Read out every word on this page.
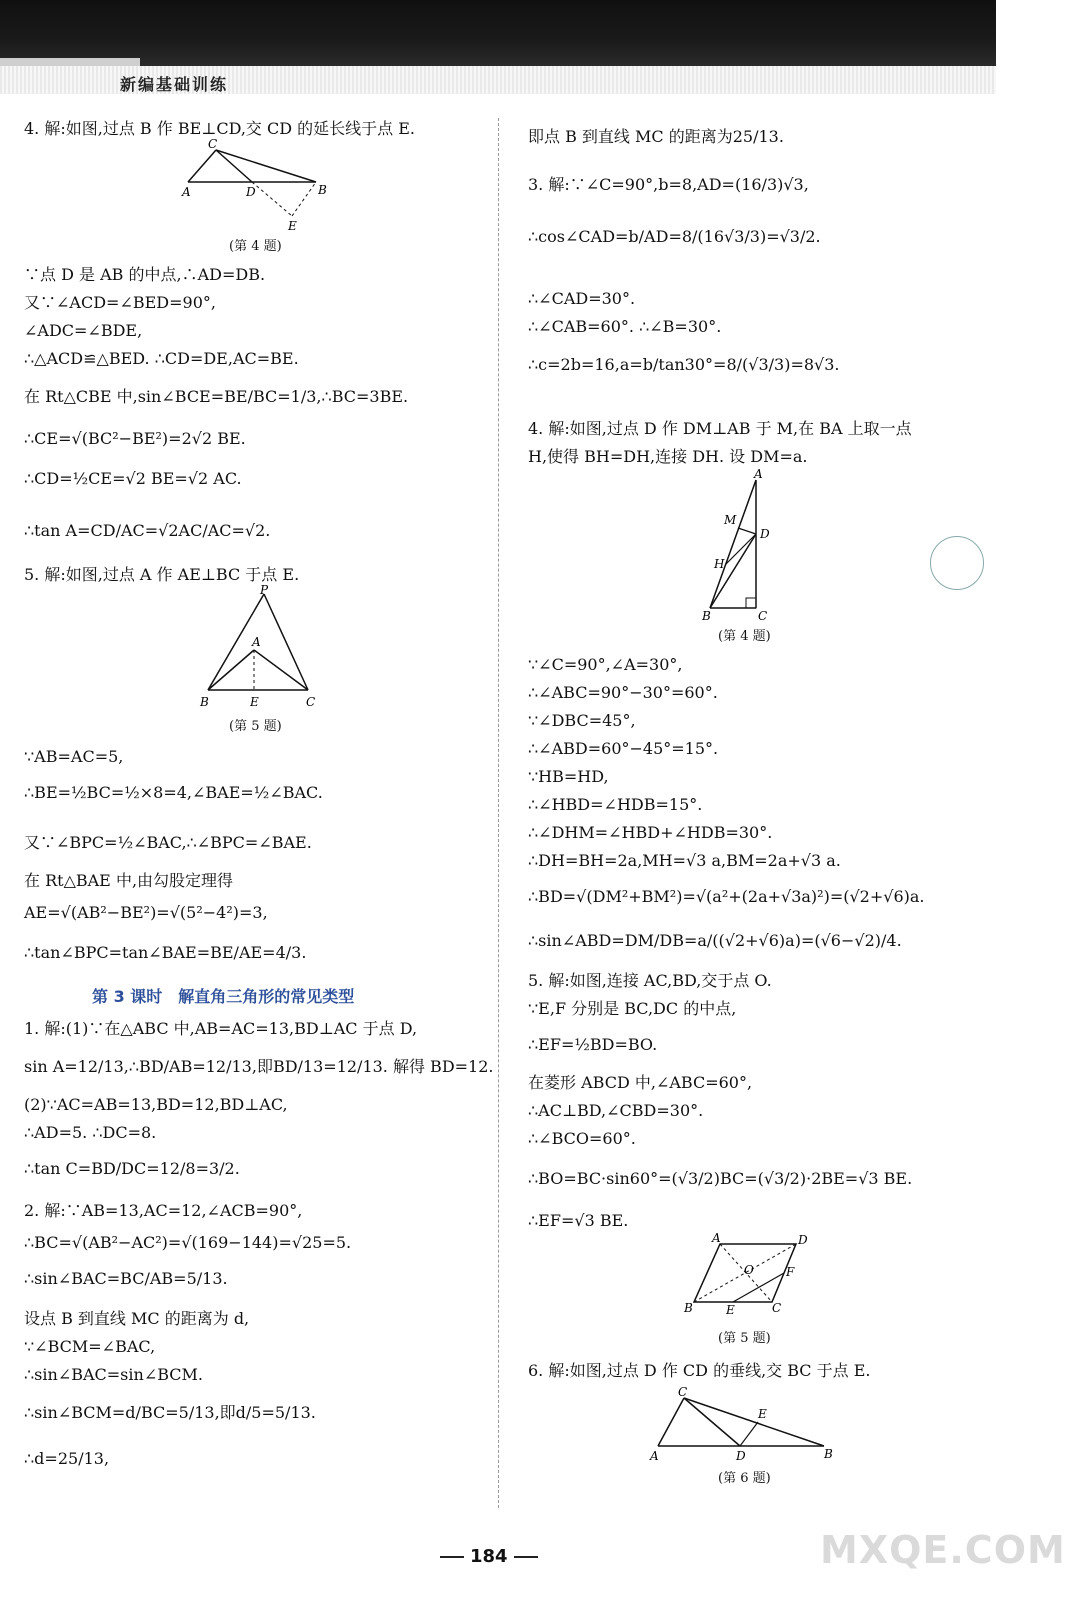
新编基础训练
C
A	D	B
E
P
A
B	E	C
4. 解:如图,过点 B 作 BE⊥CD,交 CD 的延长线于点 E.
(第 4 题)
∵点 D 是 AB 的中点,∴AD=DB.
又∵∠ACD=∠BED=90°,
∠ADC=∠BDE,
∴△ACD≌△BED. ∴CD=DE,AC=BE.
在 Rt△CBE 中,sin∠BCE=BE/BC=1/3,∴BC=3BE.
∴CE=√(BC²−BE²)=2√2 BE.
∴CD=½CE=√2 BE=√2 AC.
∴tan A=CD/AC=√2AC/AC=√2.
5. 解:如图,过点 A 作 AE⊥BC 于点 E.
(第 5 题)
∵AB=AC=5,
∴BE=½BC=½×8=4,∠BAE=½∠BAC.
又∵∠BPC=½∠BAC,∴∠BPC=∠BAE.
在 Rt△BAE 中,由勾股定理得
AE=√(AB²−BE²)=√(5²−4²)=3,
∴tan∠BPC=tan∠BAE=BE/AE=4/3.
第 3 课时　解直角三角形的常见类型
1. 解:(1)∵在△ABC 中,AB=AC=13,BD⊥AC 于点 D,
sin A=12/13,∴BD/AB=12/13,即BD/13=12/13. 解得 BD=12.
(2)∵AC=AB=13,BD=12,BD⊥AC,
∴AD=5. ∴DC=8.
∴tan C=BD/DC=12/8=3/2.
2. 解:∵AB=13,AC=12,∠ACB=90°,
∴BC=√(AB²−AC²)=√(169−144)=√25=5.
∴sin∠BAC=BC/AB=5/13.
设点 B 到直线 MC 的距离为 d,
∵∠BCM=∠BAC,
∴sin∠BAC=sin∠BCM.
∴sin∠BCM=d/BC=5/13,即d/5=5/13.
∴d=25/13,
A
M
D
H
B	C
A	D
O	F
B	E	C
C
A	D
E
B
即点 B 到直线 MC 的距离为25/13.
3. 解:∵∠C=90°,b=8,AD=(16/3)√3,
∴cos∠CAD=b/AD=8/(16√3/3)=√3/2.
∴∠CAD=30°.
∴∠CAB=60°. ∴∠B=30°.
∴c=2b=16,a=b/tan30°=8/(√3/3)=8√3.
4. 解:如图,过点 D 作 DM⊥AB 于 M,在 BA 上取一点
H,使得 BH=DH,连接 DH. 设 DM=a.
(第 4 题)
∵∠C=90°,∠A=30°,
∴∠ABC=90°−30°=60°.
∵∠DBC=45°,
∴∠ABD=60°−45°=15°.
∵HB=HD,
∴∠HBD=∠HDB=15°.
∴∠DHM=∠HBD+∠HDB=30°.
∴DH=BH=2a,MH=√3 a,BM=2a+√3 a.
∴BD=√(DM²+BM²)=√(a²+(2a+√3a)²)=(√2+√6)a.
∴sin∠ABD=DM/DB=a/((√2+√6)a)=(√6−√2)/4.
5. 解:如图,连接 AC,BD,交于点 O.
∵E,F 分别是 BC,DC 的中点,
∴EF=½BD=BO.
在菱形 ABCD 中,∠ABC=60°,
∴AC⊥BD,∠CBD=30°.
∴∠BCO=60°.
∴BO=BC·sin60°=(√3/2)BC=(√3/2)·2BE=√3 BE.
∴EF=√3 BE.
(第 5 题)
6. 解:如图,过点 D 作 CD 的垂线,交 BC 于点 E.
(第 6 题)
184	MXQE.COM
